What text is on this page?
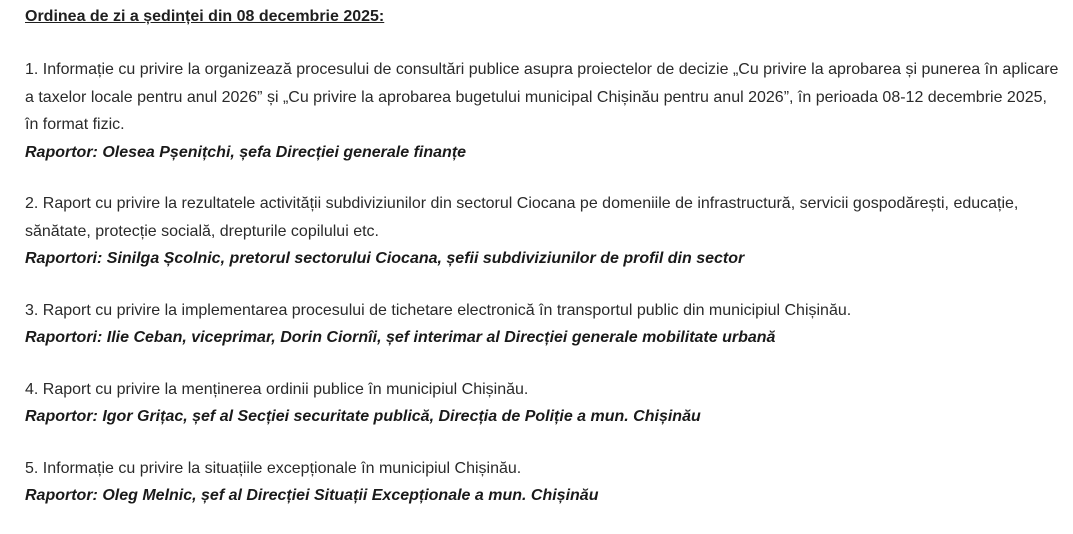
Ordinea de zi a ședinței din 08 decembrie 2025:

1. Informație cu privire la organizează procesului de consultări publice asupra proiectelor de decizie „Cu privire la aprobarea și punerea în aplicare a taxelor locale pentru anul 2026” și „Cu privire la aprobarea bugetului municipal Chișinău pentru anul 2026”, în perioada 08-12 decembrie 2025, în format fizic.

Raportor: Olesea Pșenițchi, șefa Direcției generale finanțe

2. Raport cu privire la rezultatele activității subdiviziunilor din sectorul Ciocana pe domeniile de infrastructură, servicii gospodărești, educație, sănătate, protecție socială, drepturile copilului etc.

Raportori: Sinilga Școlnic, pretorul sectorului Ciocana, șefii subdiviziunilor de profil din sector

3. Raport cu privire la implementarea procesului de tichetare electronică în transportul public din municipiul Chișinău.

Raportori: Ilie Ceban, viceprimar, Dorin Ciornîi, șef interimar al Direcției generale mobilitate urbană

4. Raport cu privire la menținerea ordinii publice în municipiul Chișinău.

Raportor: Igor Grițac, șef al Secției securitate publică, Direcția de Poliție a mun. Chișinău

5. Informație cu privire la situațiile excepționale în municipiul Chișinău.

Raportor: Oleg Melnic, șef al Direcției Situații Excepționale a mun. Chișinău
